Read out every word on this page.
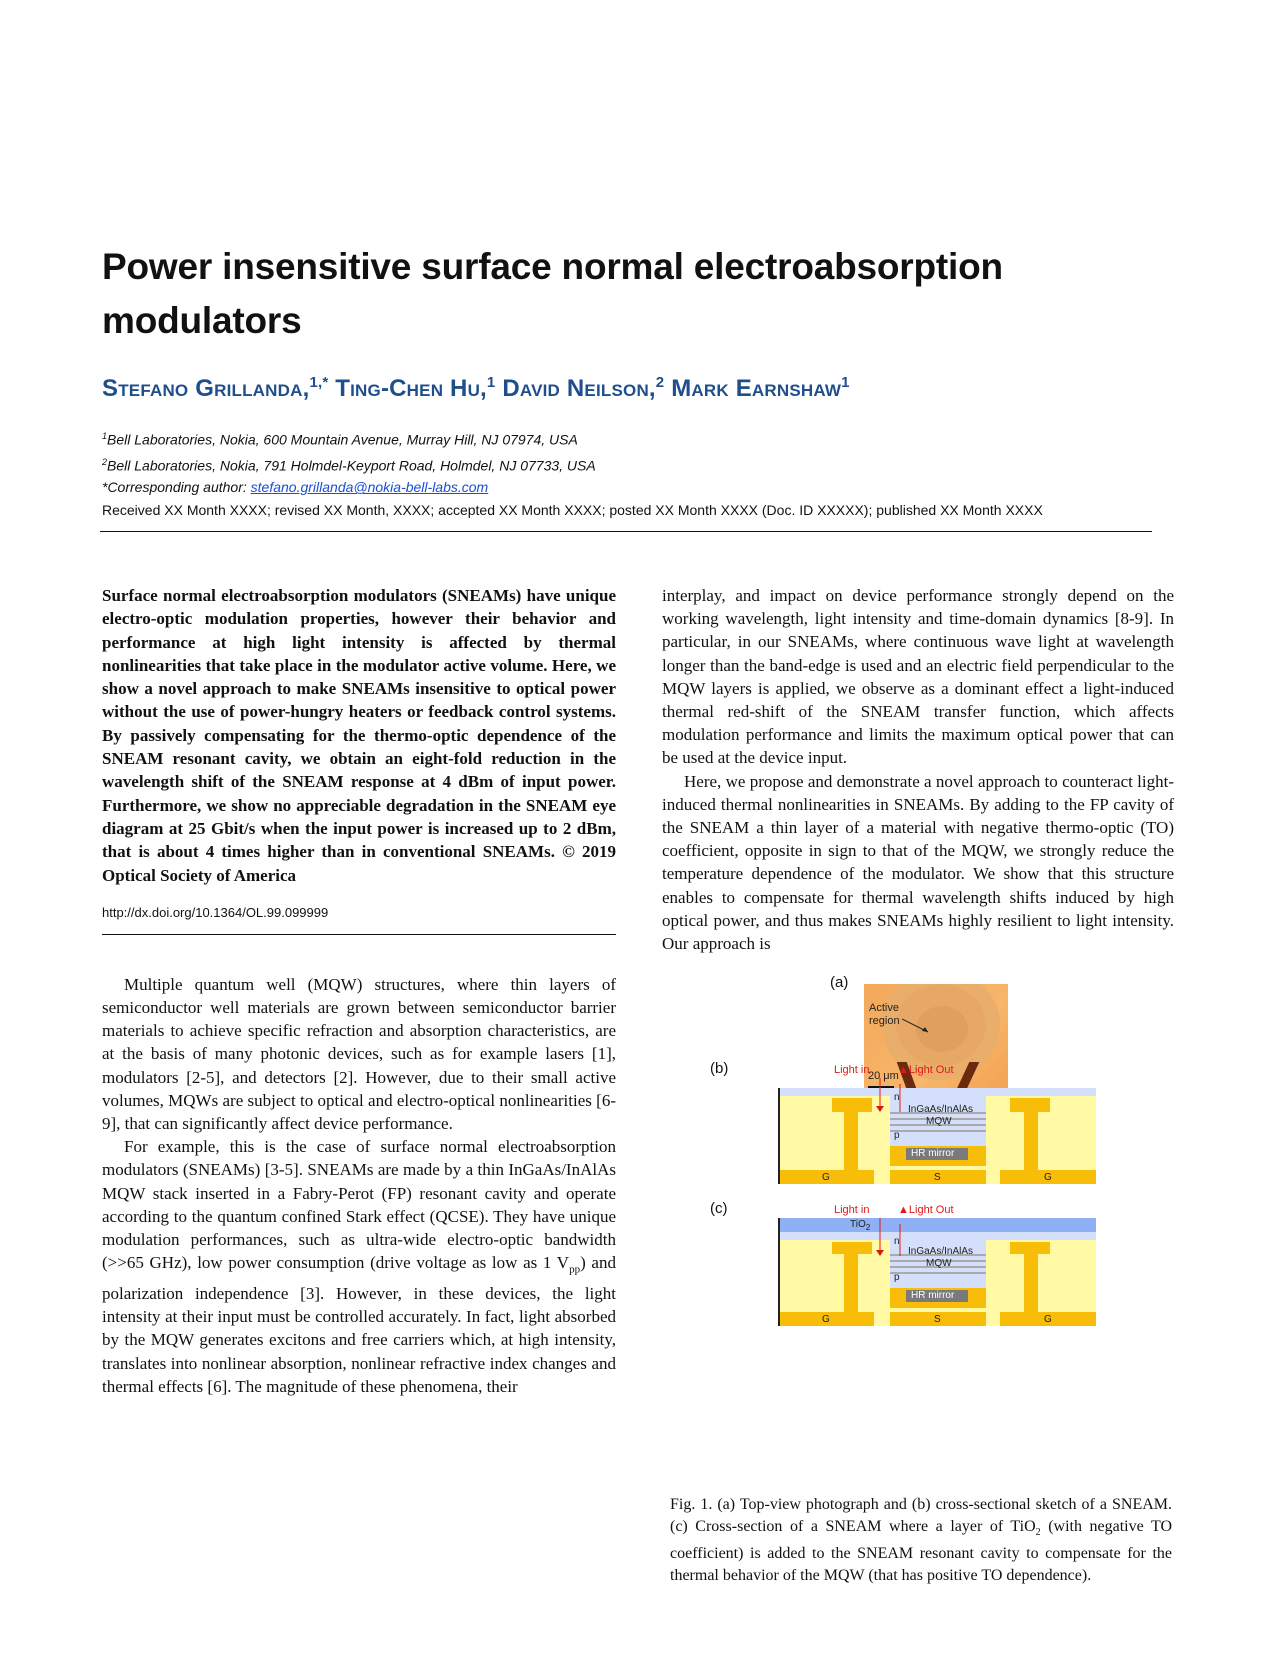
Power insensitive surface normal electroabsorption
modulators
Stefano Grillanda,$^{1,*}$ Ting-Chen Hu,$^1$ David Neilson,$^2$ Mark Earnshaw$^1$
$^1$Bell Laboratories, Nokia, 600 Mountain Avenue, Murray Hill, NJ 07974, USA
$^2$Bell Laboratories, Nokia, 791 Holmdel-Keyport Road, Holmdel, NJ 07733, USA
*Corresponding author: stefano.grillanda@nokia-bell-labs.com
Received XX Month XXXX; revised XX Month, XXXX; accepted XX Month XXXX; posted XX Month XXXX (Doc. ID XXXXX); published XX Month XXXX

Surface normal electroabsorption modulators (SNEAMs) have unique electro-optic modulation properties, however their behavior and performance at high light intensity is affected by thermal nonlinearities that take place in the modulator active volume. Here, we show a novel approach to make SNEAMs insensitive to optical power without the use of power-hungry heaters or feedback control systems. By passively compensating for the thermo-optic dependence of the SNEAM resonant cavity, we obtain an eight-fold reduction in the wavelength shift of the SNEAM response at 4 dBm of input power. Furthermore, we show no appreciable degradation in the SNEAM eye diagram at 25 Gbit/s when the input power is increased up to 2 dBm, that is about 4 times higher than in conventional SNEAMs. © 2019 Optical Society of America

http://dx.doi.org/10.1364/OL.99.099999

Multiple quantum well (MQW) structures, where thin layers of semiconductor well materials are grown between semiconductor barrier materials to achieve specific refraction and absorption characteristics, are at the basis of many photonic devices, such as for example lasers [1], modulators [2-5], and detectors [2]. However, due to their small active volumes, MQWs are subject to optical and electro-optical nonlinearities [6-9], that can significantly affect device performance.

For example, this is the case of surface normal electroabsorption modulators (SNEAMs) [3-5]. SNEAMs are made by a thin InGaAs/InAlAs MQW stack inserted in a Fabry-Perot (FP) resonant cavity and operate according to the quantum confined Stark effect (QCSE). They have unique modulation performances, such as ultra-wide electro-optic bandwidth (>>65 GHz), low power consumption (drive voltage as low as 1 $V_{pp}$) and polarization independence [3]. However, in these devices, the light intensity at their input must be controlled accurately. In fact, light absorbed by the MQW generates excitons and free carriers which, at high intensity, translates into nonlinear absorption, nonlinear refractive index changes and thermal effects [6]. The magnitude of these phenomena, their

interplay, and impact on device performance strongly depend on the working wavelength, light intensity and time-domain dynamics [8-9]. In particular, in our SNEAMs, where continuous wave light at wavelength longer than the band-edge is used and an electric field perpendicular to the MQW layers is applied, we observe as a dominant effect a light-induced thermal red-shift of the SNEAM transfer function, which affects modulation performance and limits the maximum optical power that can be used at the device input.

Here, we propose and demonstrate a novel approach to counteract light-induced thermal nonlinearities in SNEAMs. By adding to the FP cavity of the SNEAM a thin layer of a material with negative thermo-optic (TO) coefficient, opposite in sign to that of the MQW, we strongly reduce the temperature dependence of the modulator. We show that this structure enables to compensate for thermal wavelength shifts induced by high optical power, and thus makes SNEAMs highly resilient to light intensity. Our approach is

(a)
Active
region
20 μm
(b)	Light in	▲Light Out
n
InGaAs/InAlAs
MQW
p
HR mirror
G	S	G
(c)	Light in	▲Light Out
TiO$_2$
n
InGaAs/InAlAs
MQW
p
HR mirror
G	S	G
Fig. 1. (a) Top-view photograph and (b) cross-sectional sketch of a SNEAM. (c) Cross-section of a SNEAM where a layer of TiO$_2$ (with negative TO coefficient) is added to the SNEAM resonant cavity to compensate for the thermal behavior of the MQW (that has positive TO dependence).
